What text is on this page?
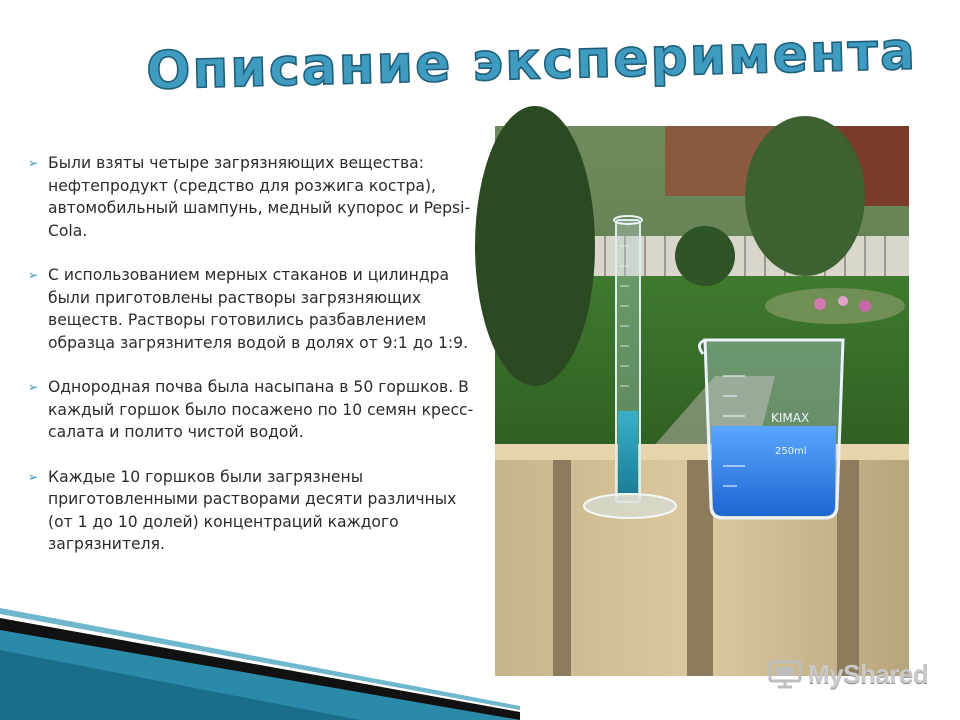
Описание эксперимента
➢ Были взяты четыре загрязняющих вещества: нефтепродукт (средство для розжига костра), автомобильный шампунь, медный купорос и Pepsi-Cola.
➢ С использованием мерных стаканов и цилиндра были приготовлены растворы загрязняющих веществ. Растворы готовились разбавлением образца загрязнителя водой в долях от 9:1 до 1:9.
➢ Однородная почва была насыпана в 50 горшков. В каждый горшок было посажено по 10 семян кресс-салата и полито чистой водой.
➢ Каждые 10 горшков были загрязнены приготовленными растворами десяти различных (от 1 до 10 долей) концентраций каждого загрязнителя.
KIMAX
250ml
MyShared
